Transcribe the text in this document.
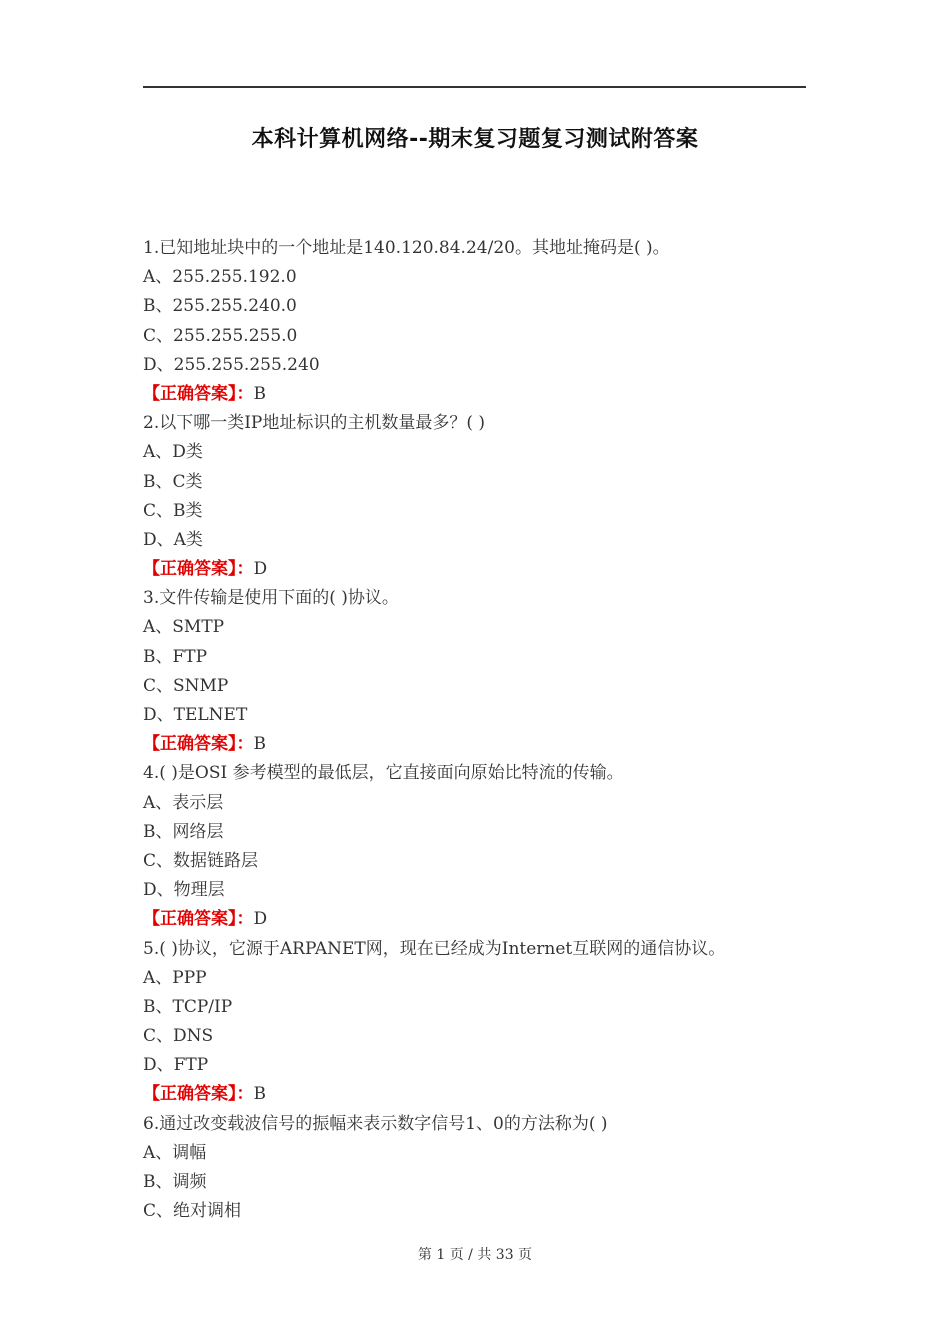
本科计算机网络--期末复习题复习测试附答案
1.已知地址块中的一个地址是140.120.84.24/20。其地址掩码是( )。
A、255.255.192.0
B、255.255.240.0
C、255.255.255.0
D、255.255.255.240
【正确答案】：B
2.以下哪一类IP地址标识的主机数量最多？( )
A、D类
B、C类
C、B类
D、A类
【正确答案】：D
3.文件传输是使用下面的( )协议。
A、SMTP
B、FTP
C、SNMP
D、TELNET
【正确答案】：B
4.( )是OSI 参考模型的最低层，它直接面向原始比特流的传输。
A、表示层
B、网络层
C、数据链路层
D、物理层
【正确答案】：D
5.( )协议，它源于ARPANET网，现在已经成为Internet互联网的通信协议。
A、PPP
B、TCP/IP
C、DNS
D、FTP
【正确答案】：B
6.通过改变载波信号的振幅来表示数字信号1、0的方法称为( )
A、调幅
B、调频
C、绝对调相
第 1 页 / 共 33 页
